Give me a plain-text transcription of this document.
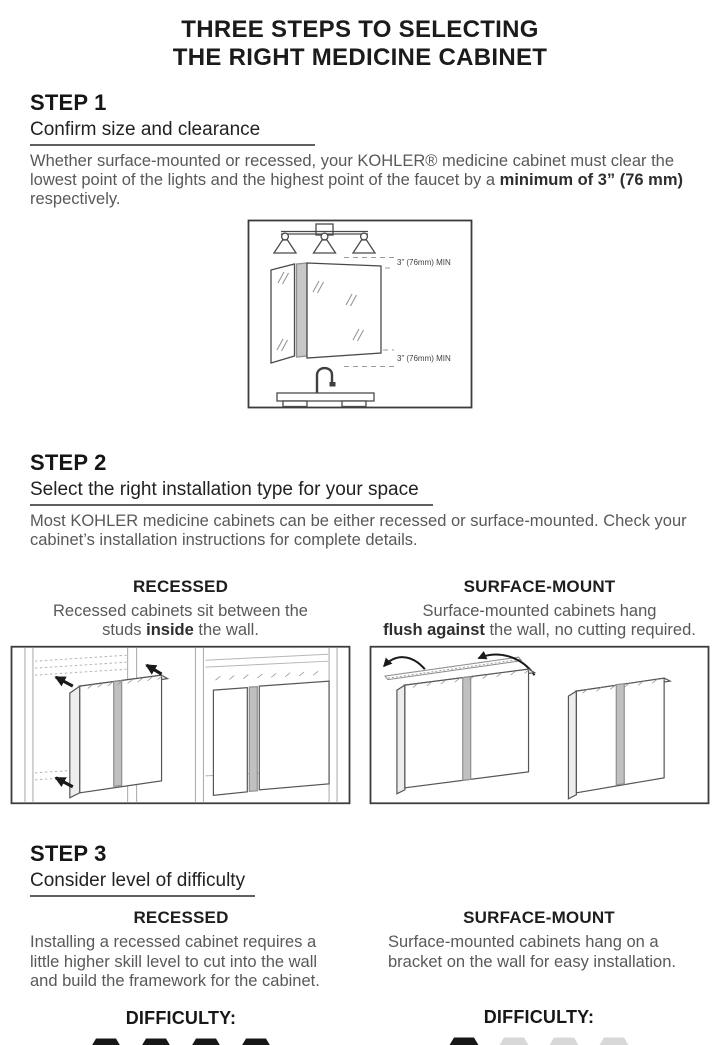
THREE STEPS TO SELECTING
THE RIGHT MEDICINE CABINET
STEP 1
Confirm size and clearance

Whether surface-mounted or recessed, your KOHLER® medicine cabinet must clear the lowest point of the lights and the highest point of the faucet by a minimum of 3” (76 mm) respectively.

3” (76mm) MIN
3” (76mm) MIN
STEP 2
Select the right installation type for your space

Most KOHLER medicine cabinets can be either recessed or surface-mounted. Check your cabinet’s installation instructions for complete details.

RECESSED

Recessed cabinets sit between the
studs inside the wall.

SURFACE-MOUNT

Surface-mounted cabinets hang
flush against the wall, no cutting required.

STEP 3
Consider level of difficulty
RECESSED

Installing a recessed cabinet requires a little higher skill level to cut into the wall and build the framework for the cabinet.

DIFFICULTY:
SURFACE-MOUNT

Surface-mounted cabinets hang on a bracket on the wall for easy installation.

DIFFICULTY:
